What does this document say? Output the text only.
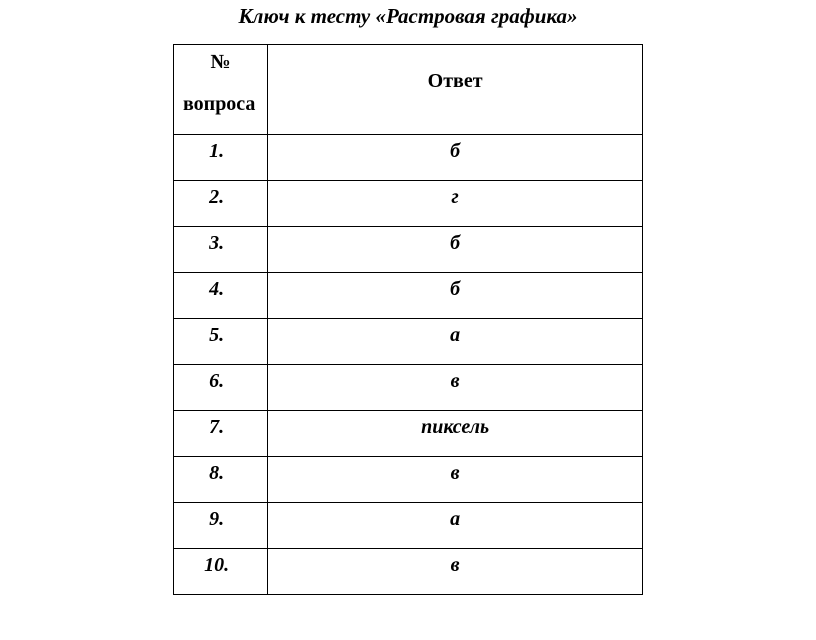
Ключ к тесту «Растровая графика»
№
вопроса	Ответ

1.	б

2.	г

3.	б

4.	б

5.	а

6.	в

7.	пиксель

8.	в

9.	а

10.	в
